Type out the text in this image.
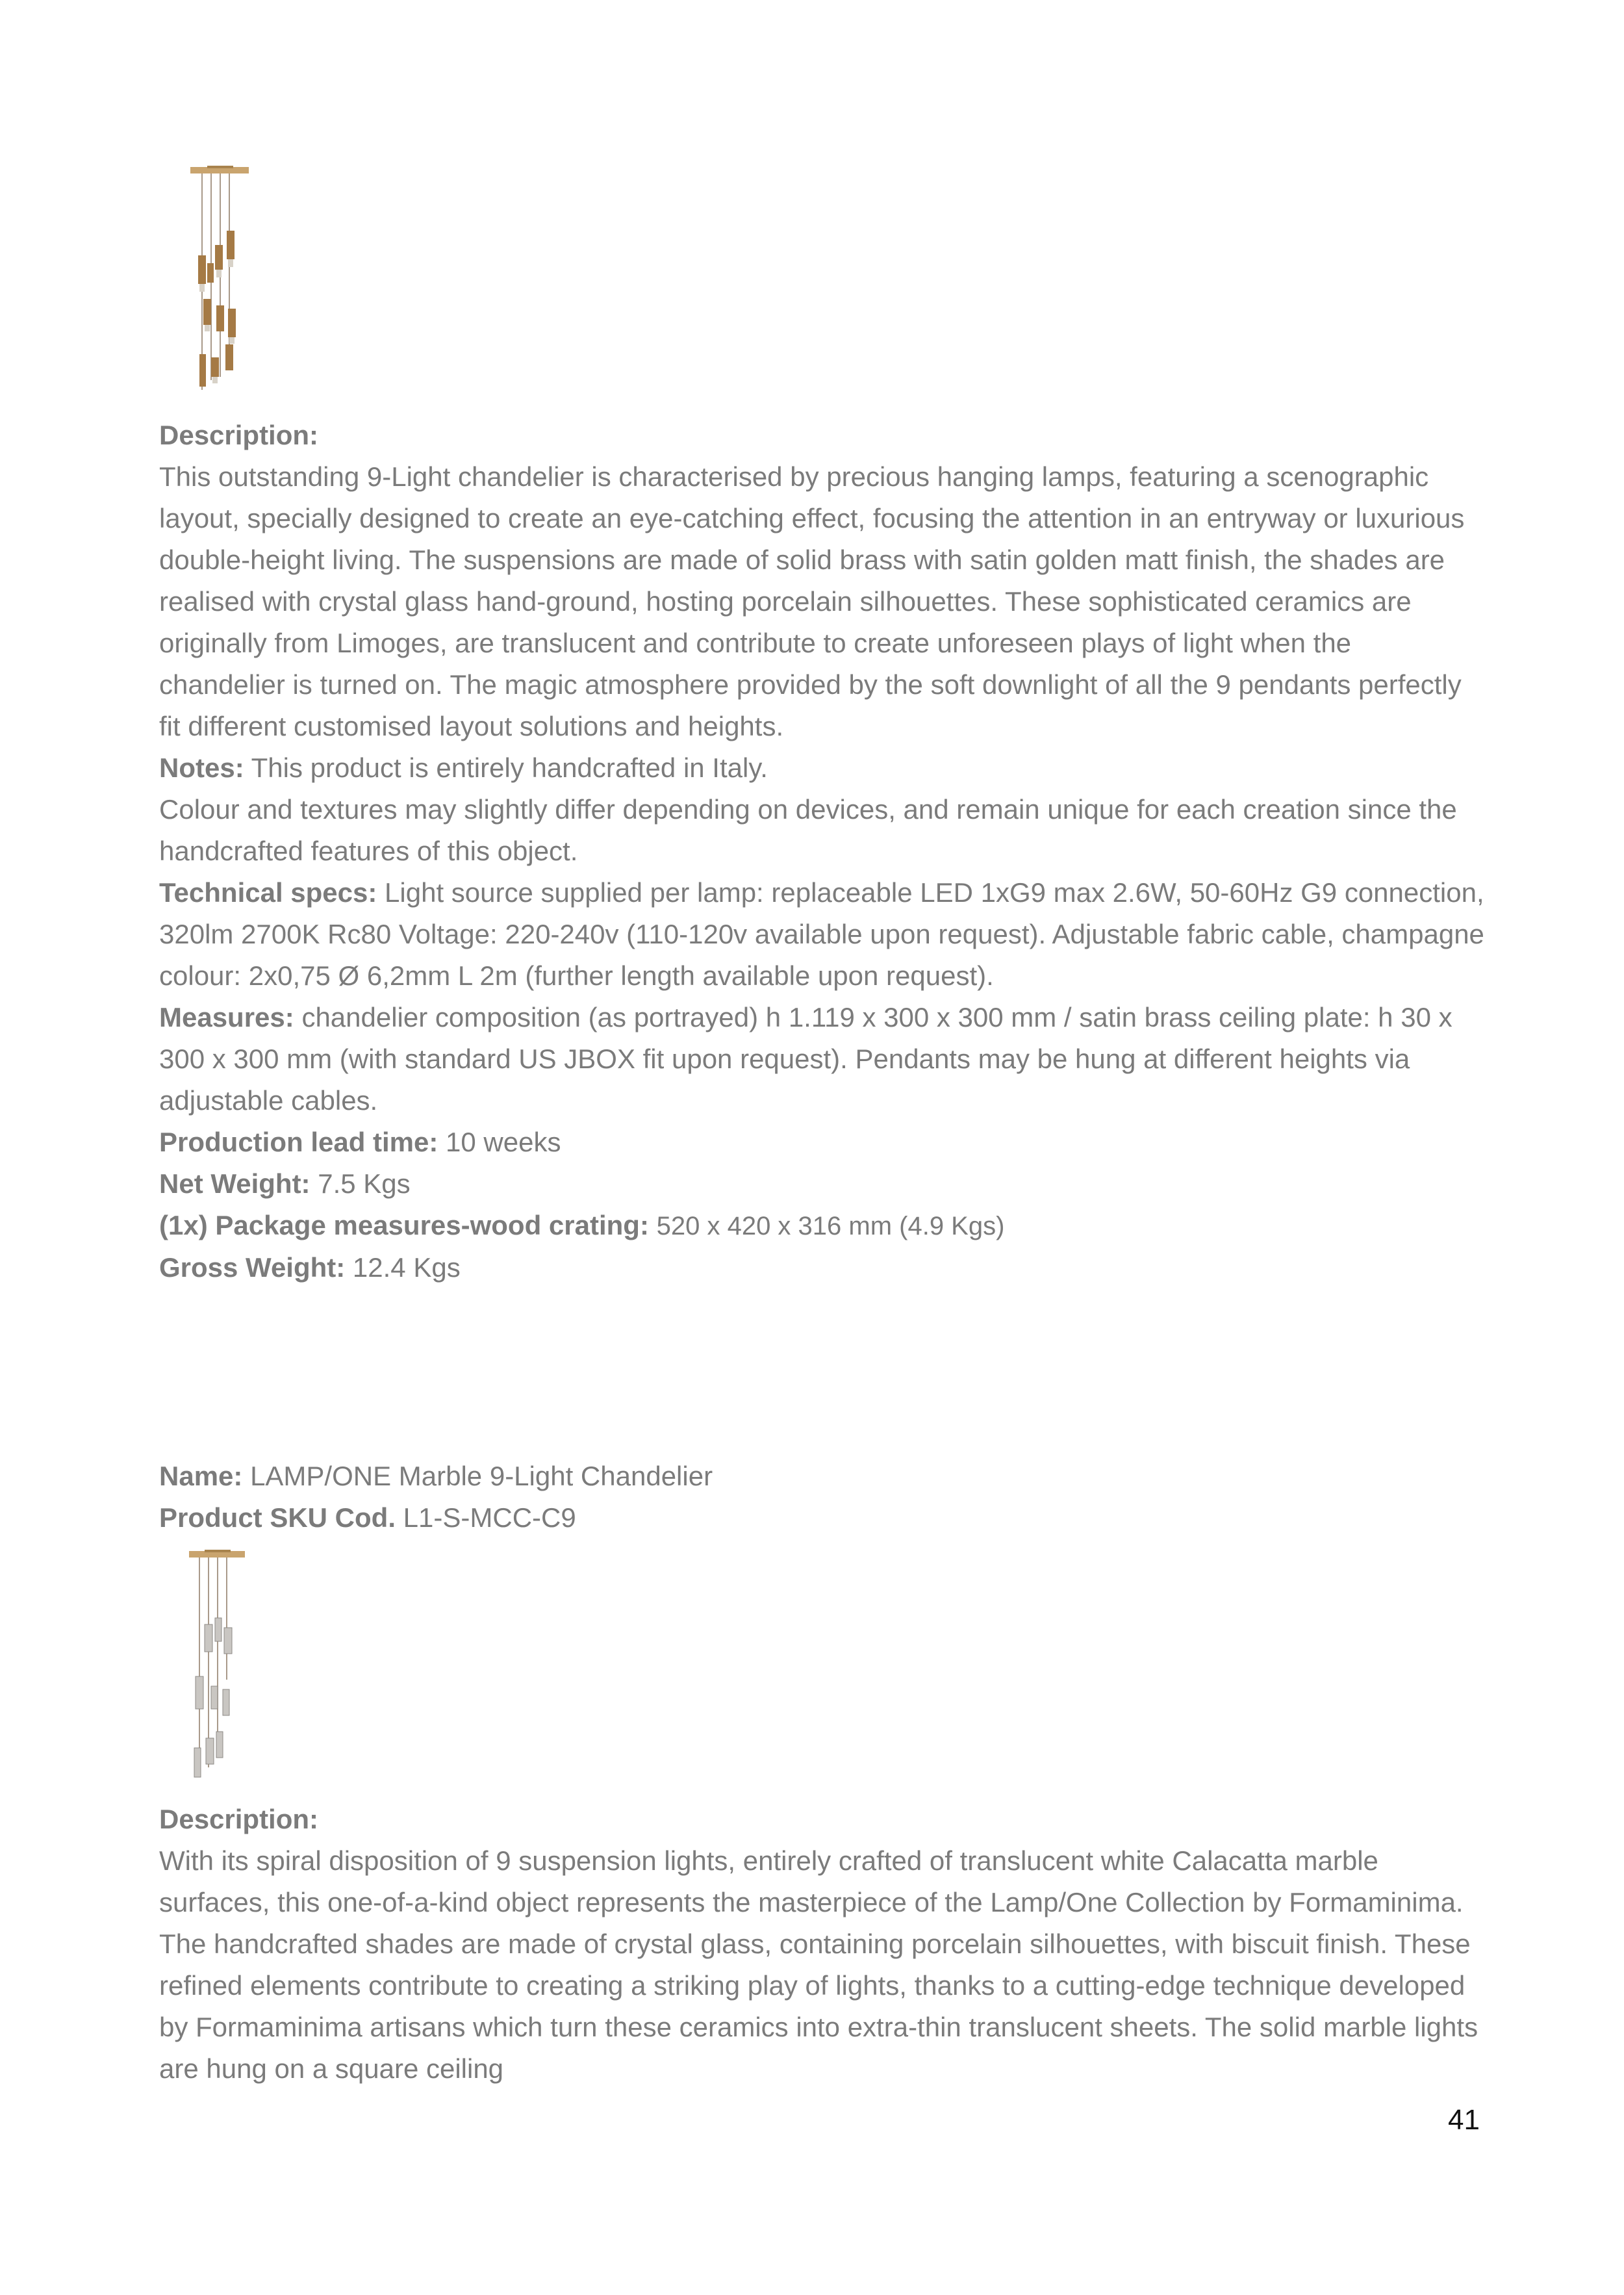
Description:

This outstanding 9-Light chandelier is characterised by precious hanging lamps, featuring a scenographic layout, specially designed to create an eye-catching effect, focusing the attention in an entryway or luxurious double-height living. The suspensions are made of solid brass with satin golden matt finish, the shades are realised with crystal glass hand-ground, hosting porcelain silhouettes. These sophisticated ceramics are originally from Limoges, are translucent and contribute to create unforeseen plays of light when the chandelier is turned on. The magic atmosphere provided by the soft downlight of all the 9 pendants perfectly fit different customised layout solutions and heights.

Notes: This product is entirely handcrafted in Italy.

Colour and textures may slightly differ depending on devices, and remain unique for each creation since the handcrafted features of this object.

Technical specs: Light source supplied per lamp: replaceable LED 1xG9 max 2.6W, 50-60Hz G9 connection, 320lm 2700K Rc80 Voltage: 220-240v (110-120v available upon request). Adjustable fabric cable, champagne colour: 2x0,75 Ø 6,2mm L 2m (further length available upon request).

Measures: chandelier composition (as portrayed) h 1.119 x 300 x 300 mm / satin brass ceiling plate: h 30 x 300 x 300 mm (with standard US JBOX fit upon request). Pendants may be hung at different heights via adjustable cables.

Production lead time: 10 weeks

Net Weight: 7.5 Kgs

(1x) Package measures-wood crating: 520 x 420 x 316 mm (4.9 Kgs)

Gross Weight: 12.4 Kgs

Name: LAMP/ONE Marble 9-Light Chandelier

Product SKU Cod. L1-S-MCC-C9

Description:

With its spiral disposition of 9 suspension lights, entirely crafted of translucent white Calacatta marble surfaces, this one-of-a-kind object represents the masterpiece of the Lamp/One Collection by Formaminima. The handcrafted shades are made of crystal glass, containing porcelain silhouettes, with biscuit finish. These refined elements contribute to creating a striking play of lights, thanks to a cutting-edge technique developed by Formaminima artisans which turn these ceramics into extra-thin translucent sheets. The solid marble lights are hung on a square ceiling

41
